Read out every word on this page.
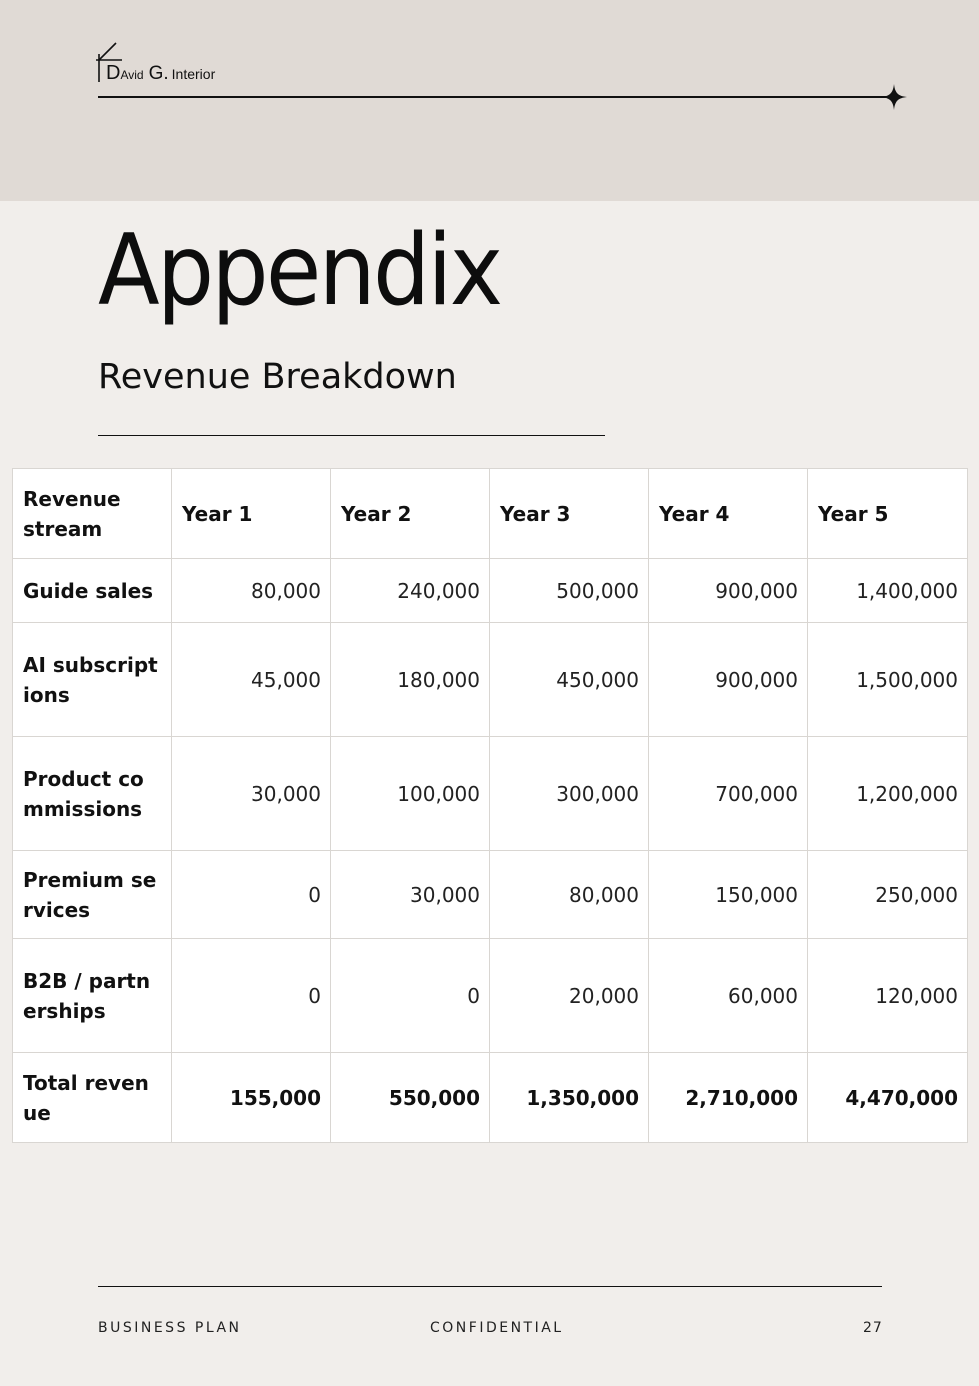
DAvid G. Interior
Appendix
Revenue Breakdown
Revenue stream	Year 1	Year 2	Year 3	Year 4	Year 5
Guide sales	80,000	240,000	500,000	900,000	1,400,000
AI subscriptions	45,000	180,000	450,000	900,000	1,500,000
Product commissions	30,000	100,000	300,000	700,000	1,200,000
Premium services	0	30,000	80,000	150,000	250,000
B2B / partnerships	0	0	20,000	60,000	120,000
Total revenue	155,000	550,000	1,350,000	2,710,000	4,470,000

BUSINESS PLAN	CONFIDENTIAL	27
